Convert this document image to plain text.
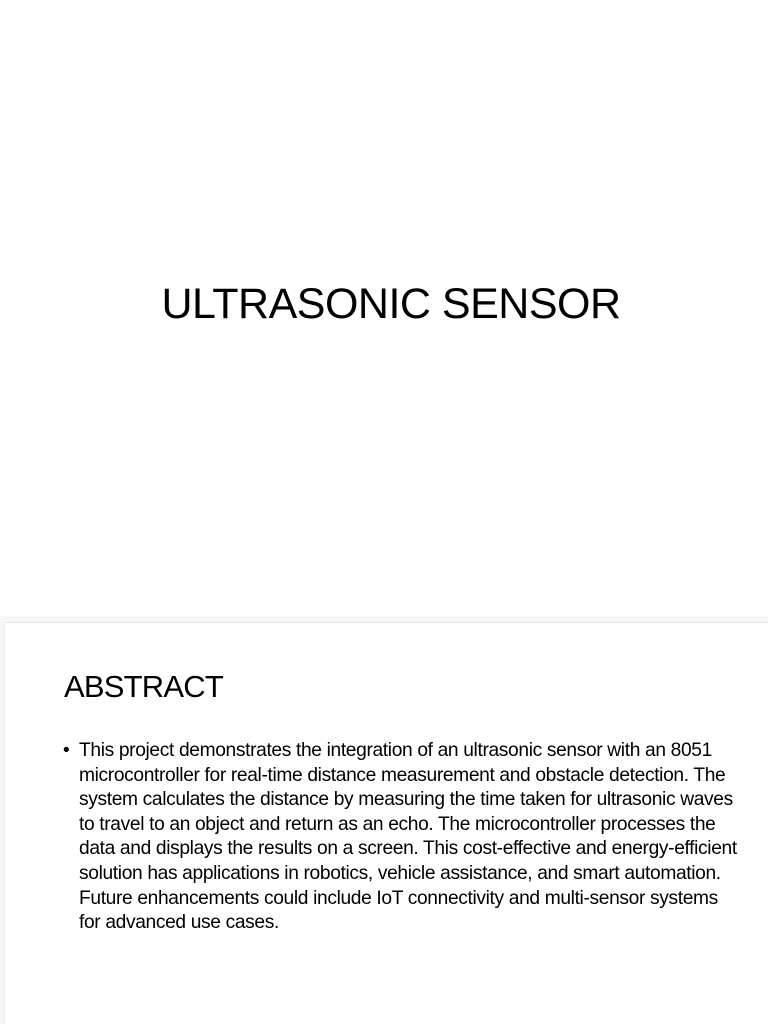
ULTRASONIC SENSOR
ABSTRACT
• This project demonstrates the integration of an ultrasonic sensor with an 8051 microcontroller for real-time distance measurement and obstacle detection. The system calculates the distance by measuring the time taken for ultrasonic waves to travel to an object and return as an echo. The microcontroller processes the data and displays the results on a screen. This cost-effective and energy-efficient solution has applications in robotics, vehicle assistance, and smart automation. Future enhancements could include IoT connectivity and multi-sensor systems for advanced use cases.
